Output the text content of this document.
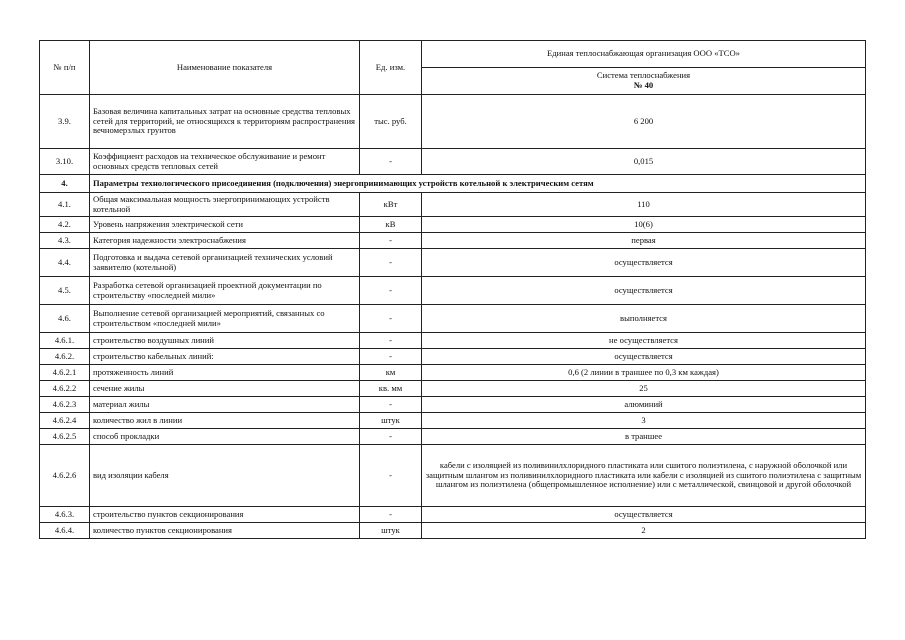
№ п/п	Наименование показателя	Ед. изм.	Единая теплоснабжающая организация ООО «ТСО»

			Система теплоснабжения
№ 40

3.9.	Базовая величина капитальных затрат на основные средства тепловых сетей для территорий, не относящихся к территориям распространения вечномерзлых грунтов	тыс. руб.	6 200
3.10.	Коэффициент расходов на техническое обслуживание и ремонт основных средств тепловых сетей	-	0,015
4.	Параметры технологического присоединения (подключения) энергопринимающих устройств котельной к электрическим сетям		
4.1.	Общая максимальная мощность энергопринимающих устройств котельной	кВт	110
4.2.	Уровень напряжения электрической сети	кВ	10(6)
4.3.	Категория надежности электроснабжения	-	первая
4.4.	Подготовка и выдача сетевой организацией технических условий заявителю (котельной)	-	осуществляется
4.5.	Разработка сетевой организацией проектной документации по строительству «последней мили»	-	осуществляется
4.6.	Выполнение сетевой организацией мероприятий, связанных со строительством «последней мили»	-	выполняется
4.6.1.	строительство воздушных линий	-	не осуществляется
4.6.2.	строительство кабельных линий:	-	осуществляется
4.6.2.1	протяженность линий	км	0,6 (2 линии в траншее по 0,3 км каждая)
4.6.2.2	сечение жилы	кв. мм	25
4.6.2.3	материал жилы	-	алюминий
4.6.2.4	количество жил в линии	штук	3
4.6.2.5	способ прокладки	-	в траншее
4.6.2.6	вид изоляции кабеля	-	кабели с изоляцией из поливинилхлоридного пластиката или сшитого полиэтилена, с наружной оболочкой или защитным шлангом из поливинилхлоридного пластиката или кабели с изоляцией из сшитого полиэтилена с защитным шлангом из полиэтилена (общепромышленное исполнение) или с металлической, свинцовой и другой оболочкой
4.6.3.	строительство пунктов секционирования	-	осуществляется
4.6.4.	количество пунктов секционирования	штук	2
